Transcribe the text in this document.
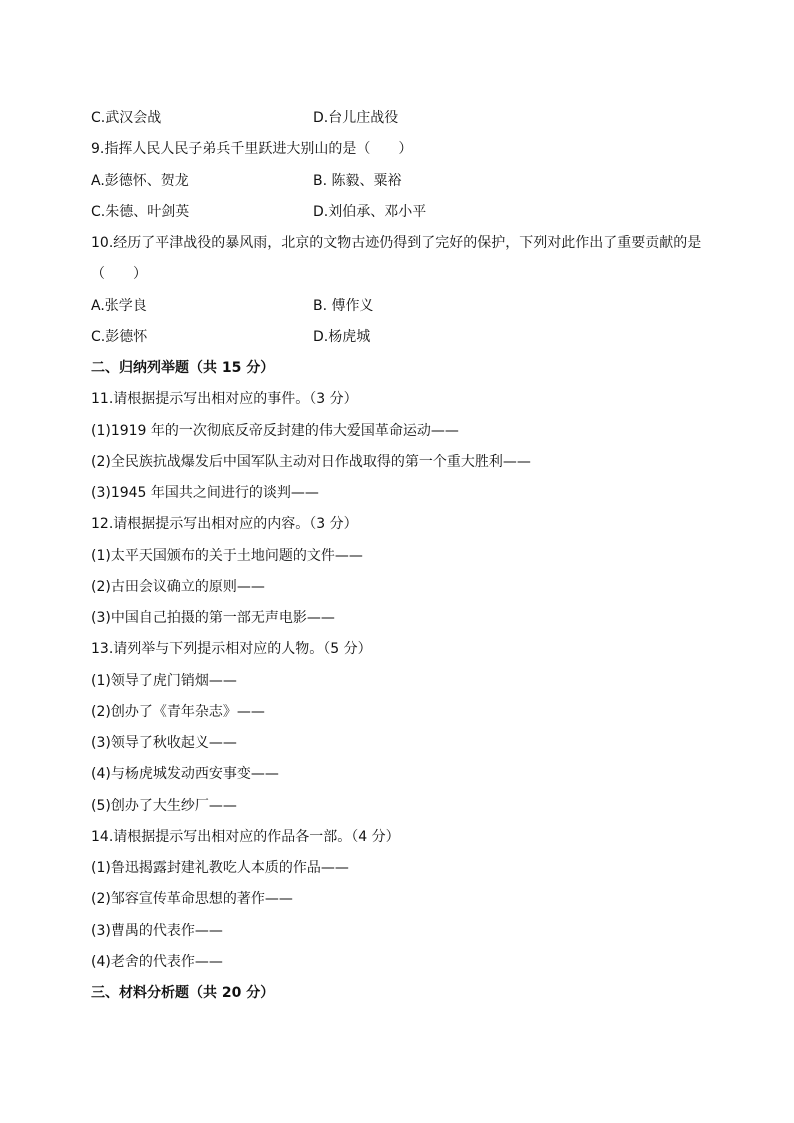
C.武汉会战	D.台儿庄战役
9.指挥人民人民子弟兵千里跃进大别山的是（　　）
A.彭德怀、贺龙	B. 陈毅、粟裕
C.朱德、叶剑英	D.刘伯承、邓小平
10.经历了平津战役的暴风雨，北京的文物古迹仍得到了完好的保护，下列对此作出了重要贡献的是
（　　）
A.张学良	B. 傅作义
C.彭德怀	D.杨虎城
二、归纳列举题（共 15 分）
11.请根据提示写出相对应的事件。（3 分）
(1)1919 年的一次彻底反帝反封建的伟大爱国革命运动——
(2)全民族抗战爆发后中国军队主动对日作战取得的第一个重大胜利——
(3)1945 年国共之间进行的谈判——
12.请根据提示写出相对应的内容。（3 分）
(1)太平天国颁布的关于土地问题的文件——
(2)古田会议确立的原则——
(3)中国自己拍摄的第一部无声电影——
13.请列举与下列提示相对应的人物。（5 分）
(1)领导了虎门销烟——
(2)创办了《青年杂志》——
(3)领导了秋收起义——
(4)与杨虎城发动西安事变——
(5)创办了大生纱厂——
14.请根据提示写出相对应的作品各一部。（4 分）
(1)鲁迅揭露封建礼教吃人本质的作品——
(2)邹容宣传革命思想的著作——
(3)曹禺的代表作——
(4)老舍的代表作——
三、材料分析题（共 20 分）
